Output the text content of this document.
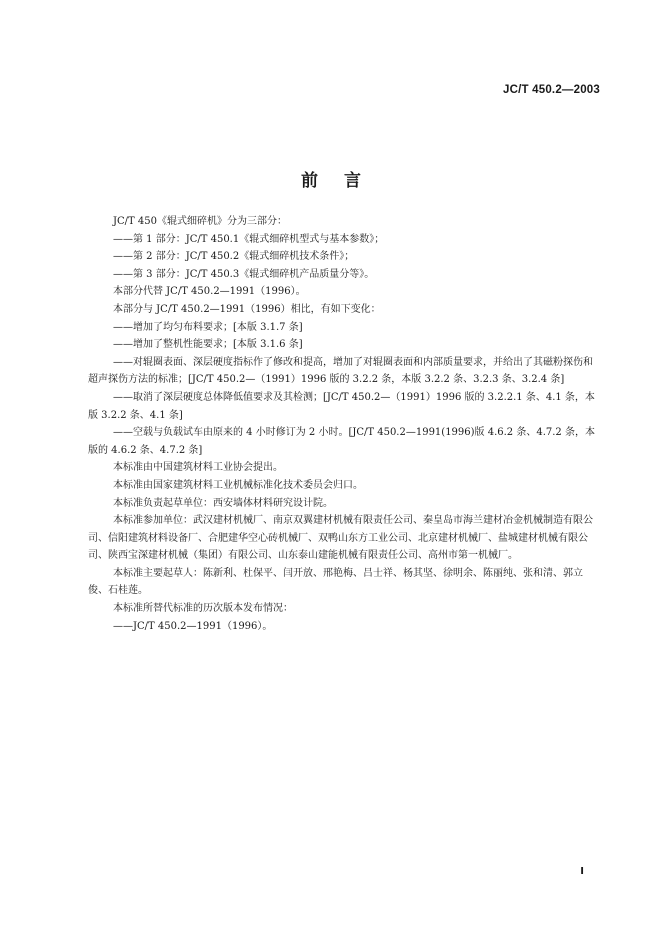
JC/T 450.2—2003
前言

JC/T 450《辊式细碎机》分为三部分：

——第 1 部分：JC/T 450.1《辊式细碎机型式与基本参数》；

——第 2 部分：JC/T 450.2《辊式细碎机技术条件》；

——第 3 部分：JC/T 450.3《辊式细碎机产品质量分等》。

本部分代替 JC/T 450.2—1991（1996）。

本部分与 JC/T 450.2—1991（1996）相比，有如下变化：

——增加了均匀布料要求；[本版 3.1.7 条]

——增加了整机性能要求；[本版 3.1.6 条]

——对辊圈表面、深层硬度指标作了修改和提高，增加了对辊圈表面和内部质量要求，并给出了其磁粉探伤和超声探伤方法的标准；[JC/T 450.2—（1991）1996 版的 3.2.2 条，本版 3.2.2 条、3.2.3 条、3.2.4 条]

——取消了深层硬度总体降低值要求及其检测；[JC/T 450.2—（1991）1996 版的 3.2.2.1 条、4.1 条，本版 3.2.2 条、4.1 条]

——空载与负载试车由原来的 4 小时修订为 2 小时。[JC/T 450.2—1991(1996)版 4.6.2 条、4.7.2 条，本版的 4.6.2 条、4.7.2 条]

本标准由中国建筑材料工业协会提出。

本标准由国家建筑材料工业机械标准化技术委员会归口。

本标准负责起草单位：西安墙体材料研究设计院。

本标准参加单位：武汉建材机械厂、南京双翼建材机械有限责任公司、秦皇岛市海兰建材冶金机械制造有限公司、信阳建筑材料设备厂、合肥建华空心砖机械厂、双鸭山东方工业公司、北京建材机械厂、盐城建材机械有限公司、陕西宝深建材机械（集团）有限公司、山东泰山建能机械有限责任公司、高州市第一机械厂。

本标准主要起草人：陈新利、杜保平、闫开放、邢艳梅、吕士祥、杨其坚、徐明余、陈丽纯、张和清、郭立俊、石桂莲。

本标准所替代标准的历次版本发布情况：

——JC/T 450.2—1991（1996）。

I
